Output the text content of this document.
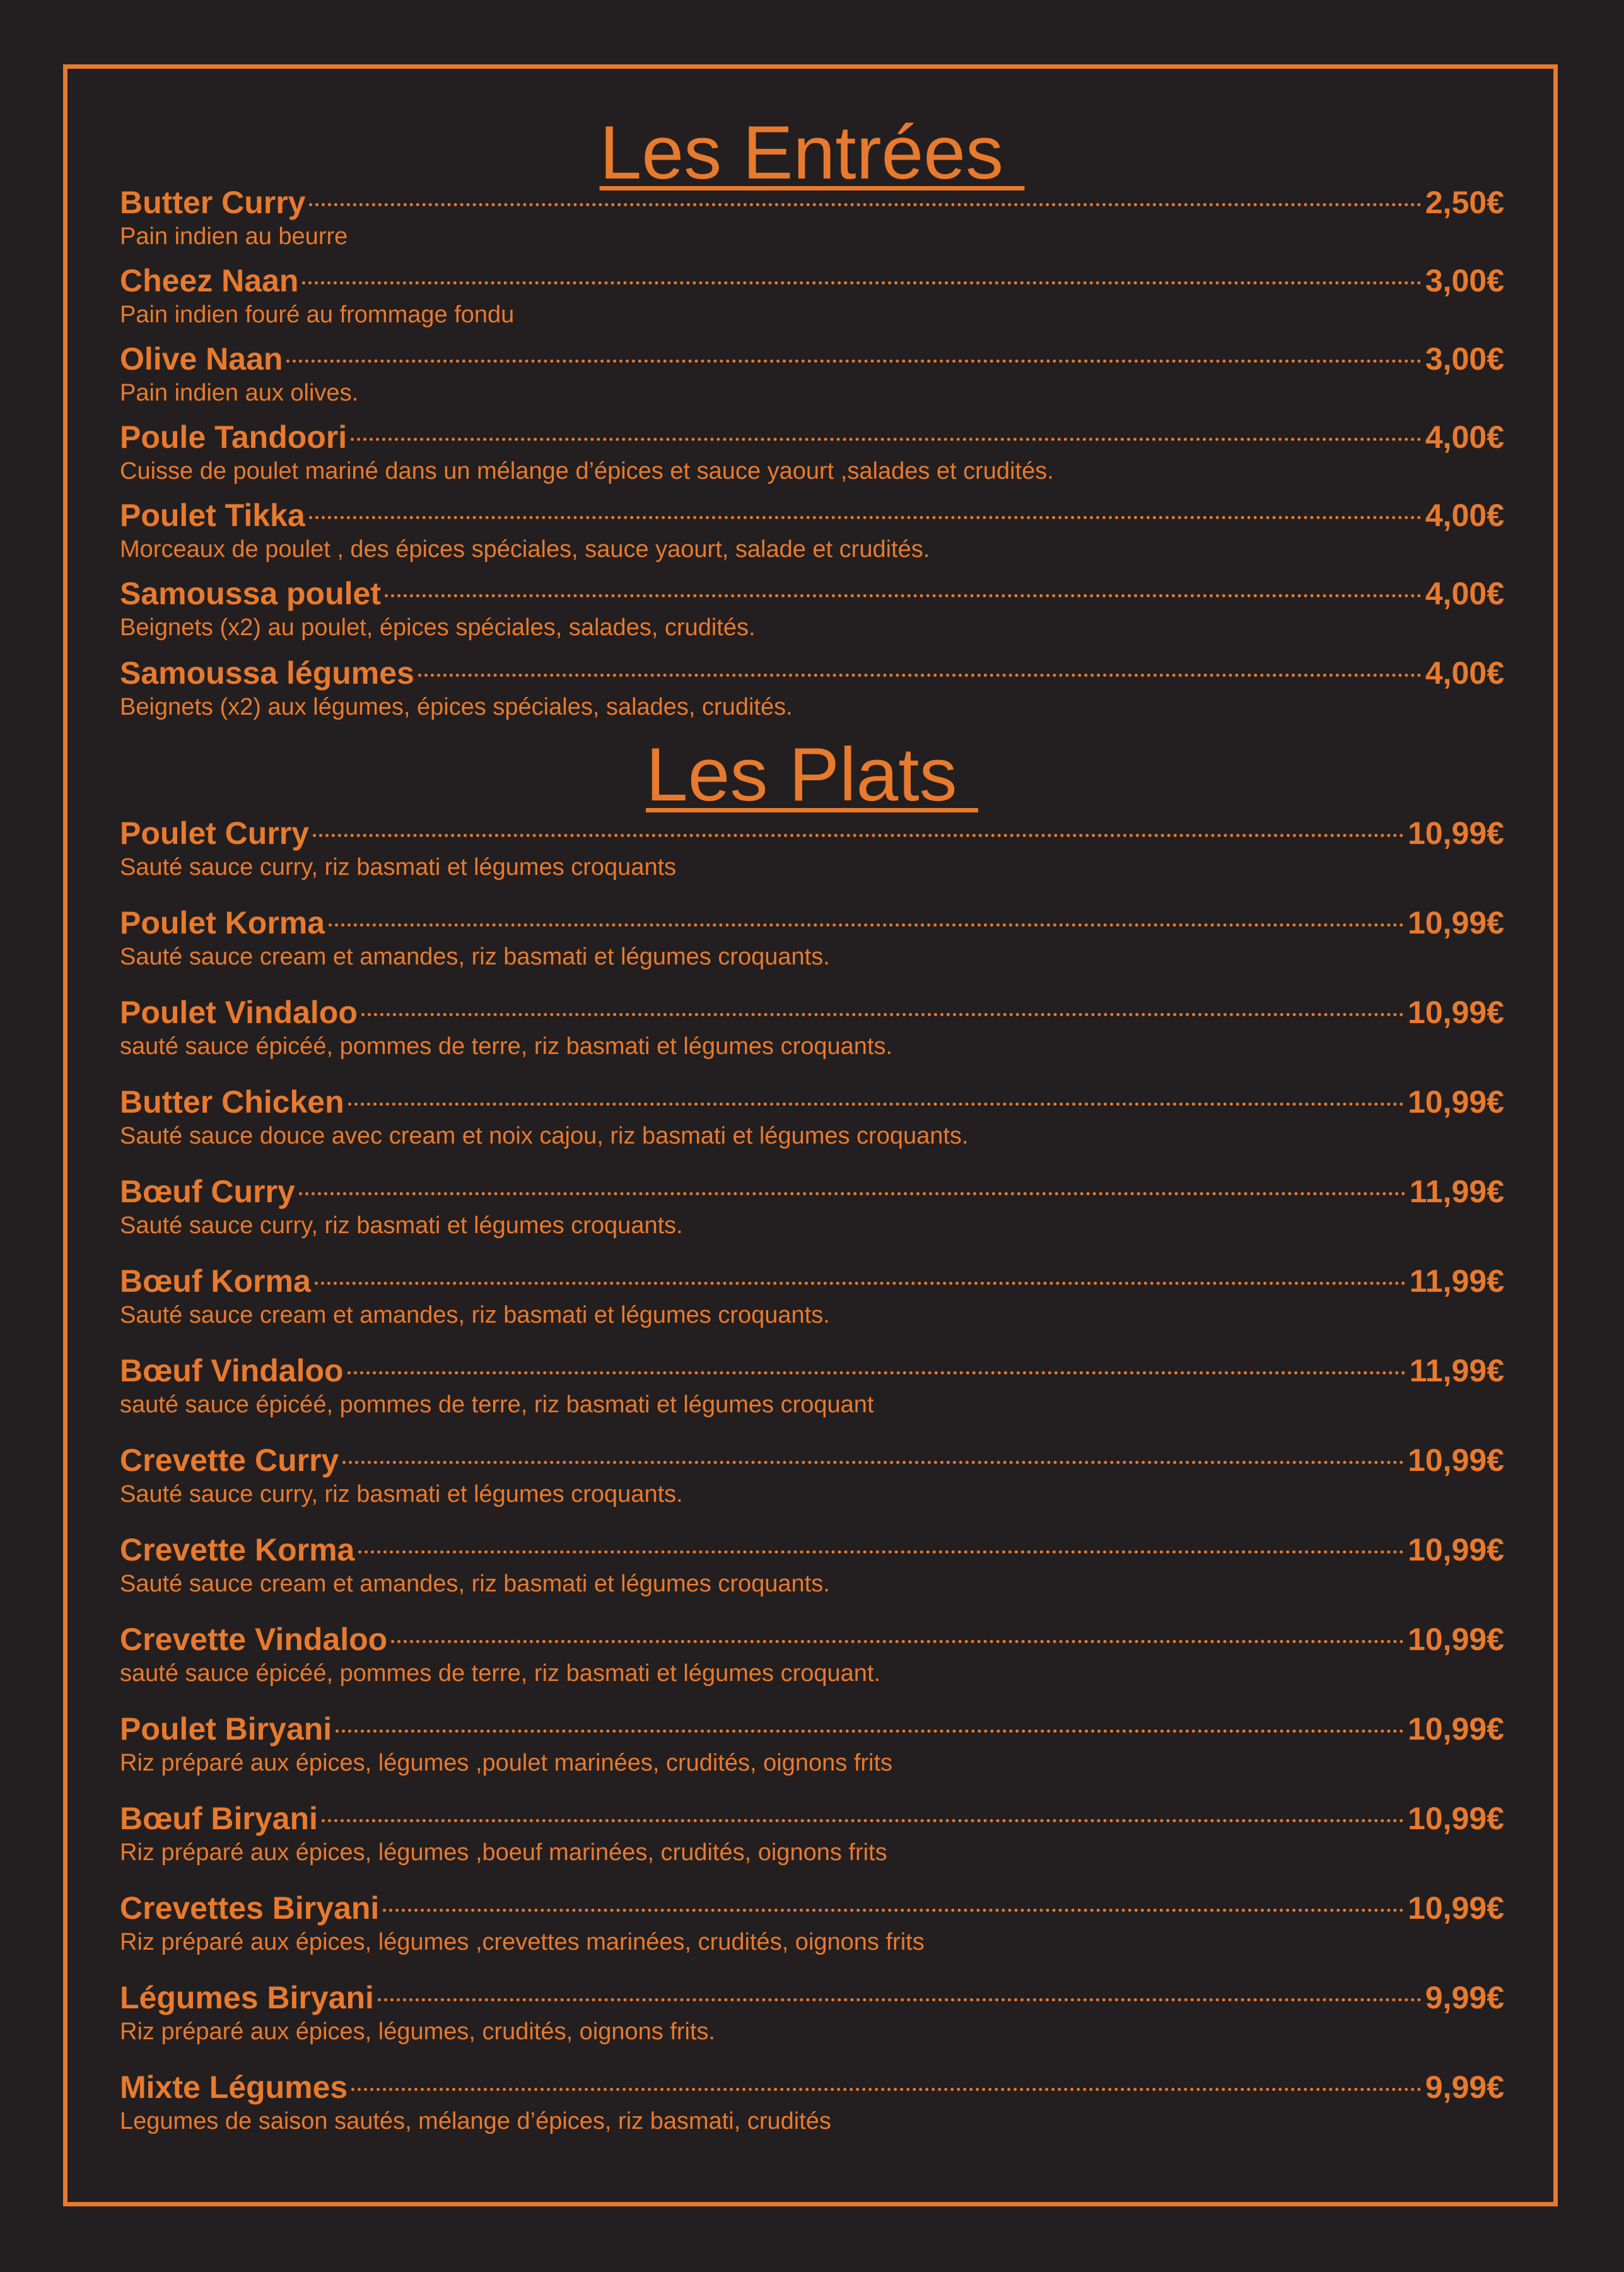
Les Entrées
Butter Curry	2,50€
Pain indien au beurre
Cheez Naan	3,00€
Pain indien fouré au frommage fondu
Olive Naan	3,00€
Pain indien aux olives.
Poule Tandoori	4,00€
Cuisse de poulet mariné dans un mélange d’épices et sauce yaourt ,salades et crudités.
Poulet Tikka	4,00€
Morceaux de poulet , des épices spéciales, sauce yaourt, salade et crudités.
Samoussa poulet	4,00€
Beignets (x2) au poulet, épices spéciales, salades, crudités.
Samoussa légumes	4,00€
Beignets (x2) aux légumes, épices spéciales, salades, crudités.
Les Plats
Poulet Curry	10,99€
Sauté sauce curry, riz basmati et légumes croquants
Poulet Korma	10,99€
Sauté sauce cream et amandes, riz basmati et légumes croquants.
Poulet Vindaloo	10,99€
sauté sauce épicéé, pommes de terre, riz basmati et légumes croquants.
Butter Chicken	10,99€
Sauté sauce douce avec cream et noix cajou, riz basmati et légumes croquants.
Bœuf Curry	11,99€
Sauté sauce curry, riz basmati et légumes croquants.
Bœuf Korma	11,99€
Sauté sauce cream et amandes, riz basmati et légumes croquants.
Bœuf Vindaloo	11,99€
sauté sauce épicéé, pommes de terre, riz basmati et légumes croquant
Crevette Curry	10,99€
Sauté sauce curry, riz basmati et légumes croquants.
Crevette Korma	10,99€
Sauté sauce cream et amandes, riz basmati et légumes croquants.
Crevette Vindaloo	10,99€
sauté sauce épicéé, pommes de terre, riz basmati et légumes croquant.
Poulet Biryani	10,99€
Riz préparé aux épices, légumes ,poulet marinées, crudités, oignons frits
Bœuf Biryani	10,99€
Riz préparé aux épices, légumes ,boeuf marinées, crudités, oignons frits
Crevettes Biryani	10,99€
Riz préparé aux épices, légumes ,crevettes marinées, crudités, oignons frits
Légumes Biryani	9,99€
Riz préparé aux épices, légumes, crudités, oignons frits.
Mixte Légumes	9,99€
Legumes de saison sautés, mélange d’épices, riz basmati, crudités
